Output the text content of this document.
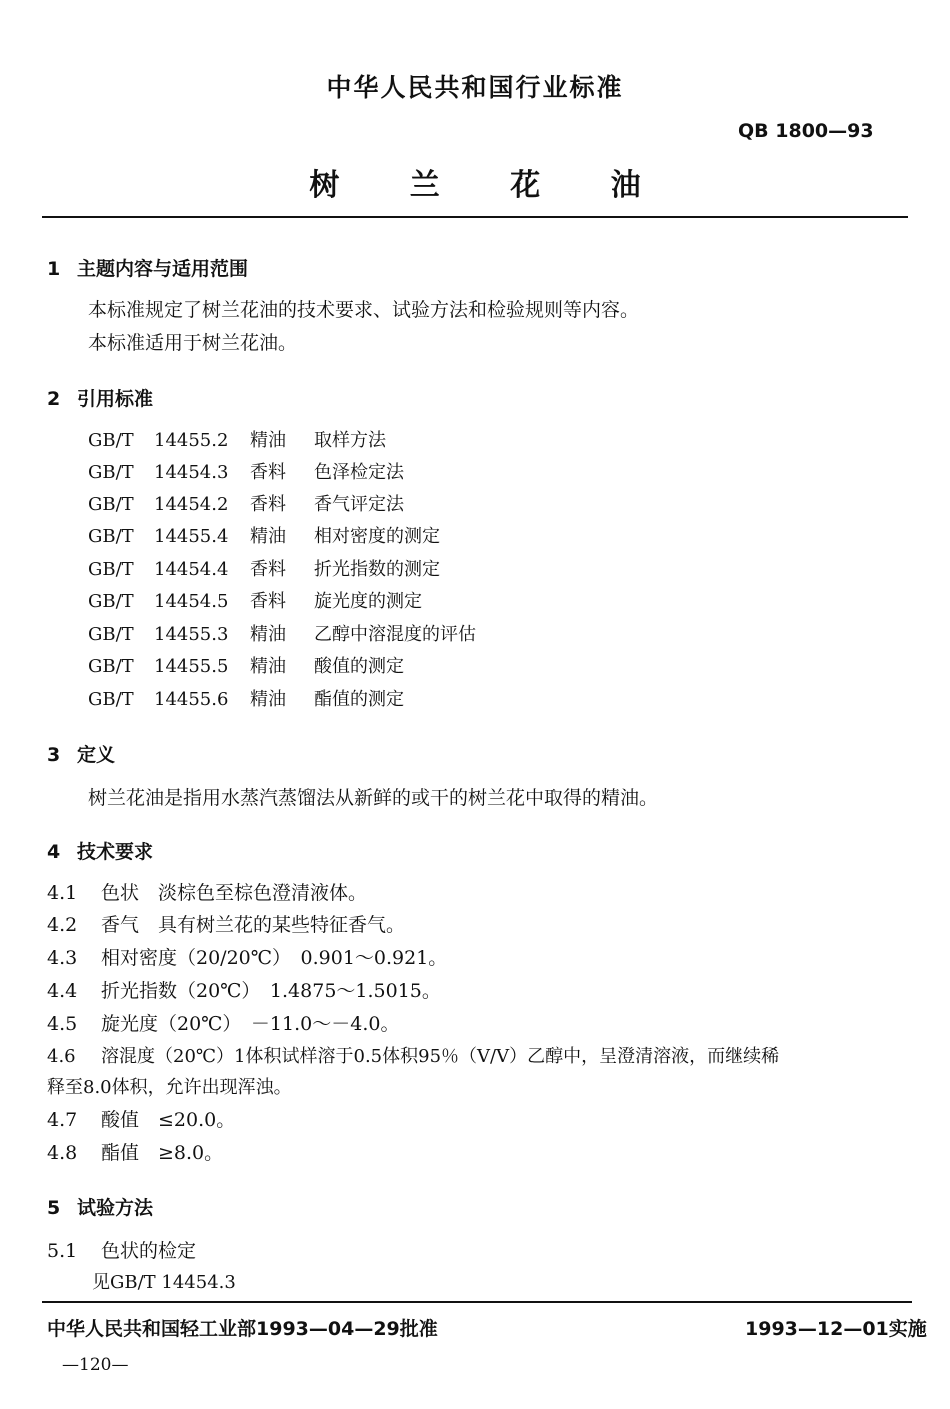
中华人民共和国行业标准
QB 1800—93
树 兰 花 油
1 主题内容与适用范围
本标准规定了树兰花油的技术要求、试验方法和检验规则等内容。
本标准适用于树兰花油。
2 引用标准
GB/T 14455.2 精油 取样方法
GB/T 14454.3 香料 色泽检定法
GB/T 14454.2 香料 香气评定法
GB/T 14455.4 精油 相对密度的测定
GB/T 14454.4 香料 折光指数的测定
GB/T 14454.5 香料 旋光度的测定
GB/T 14455.3 精油 乙醇中溶混度的评估
GB/T 14455.5 精油 酸值的测定
GB/T 14455.6 精油 酯值的测定
3 定义
树兰花油是指用水蒸汽蒸馏法从新鲜的或干的树兰花中取得的精油。
4 技术要求
4.1 色状　淡棕色至棕色澄清液体。
4.2 香气　具有树兰花的某些特征香气。
4.3 相对密度（20/20℃）　0.901～0.921。
4.4 折光指数（20℃）　1.4875～1.5015。
4.5 旋光度（20℃）　－11.0～－4.0。
4.6 溶混度（20℃）1体积试样溶于0.5体积95％（V/V）乙醇中，呈澄清溶液，而继续稀
释至8.0体积，允许出现浑浊。
4.7 酸值　≤20.0。
4.8 酯值　≥8.0。
5 试验方法
5.1 色状的检定
见GB/T 14454.3
中华人民共和国轻工业部1993—04—29批准	1993—12—01实施
—120—
